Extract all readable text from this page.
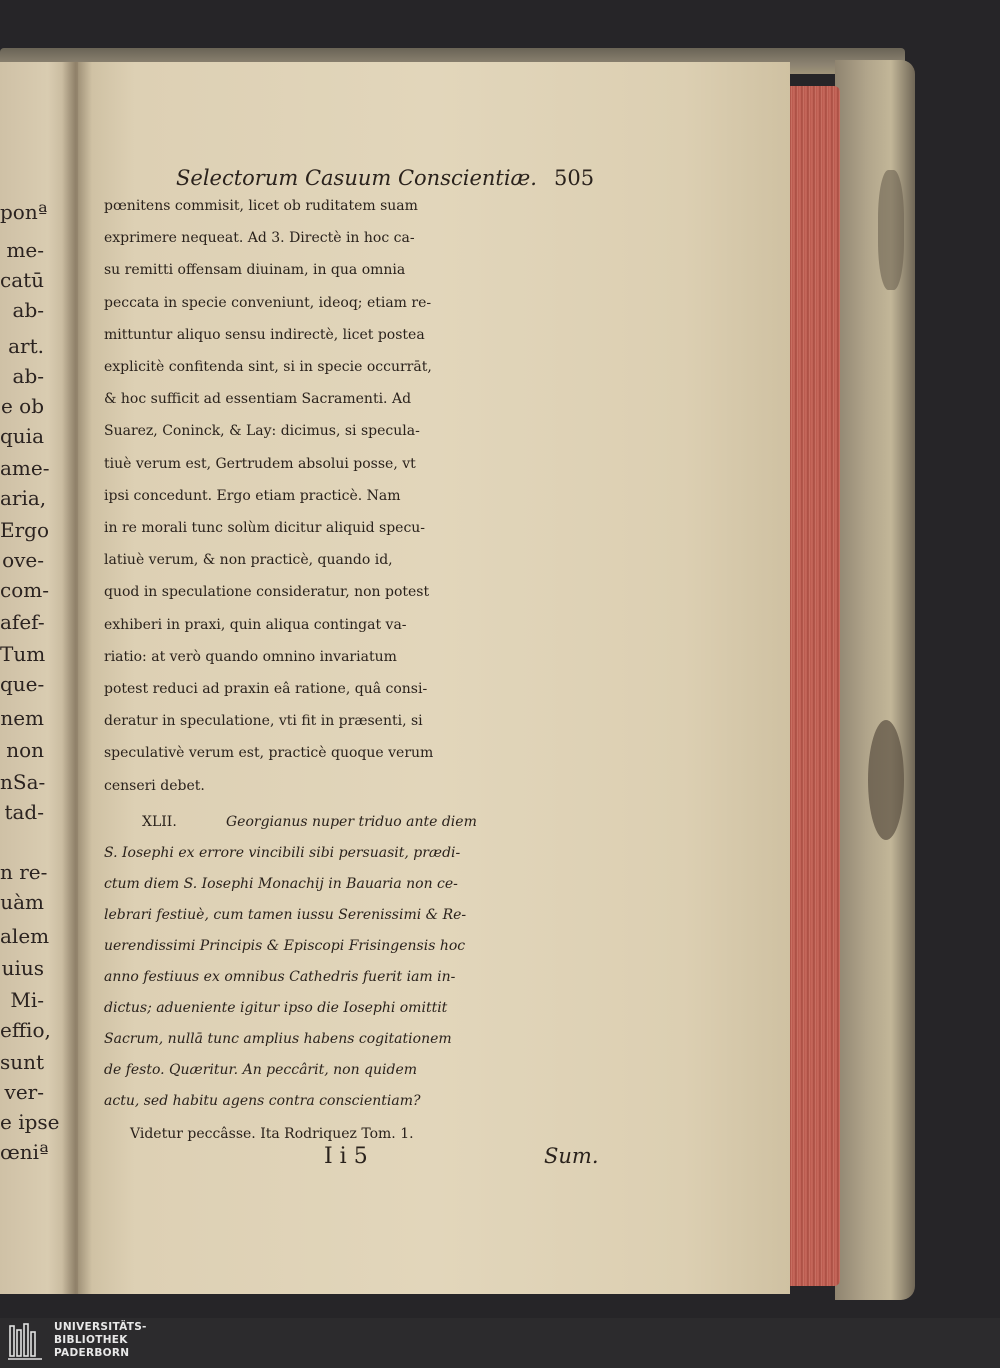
ponª
me-
catū
ab-
art.
ab-
e ob
quia
ame-
aria,
Ergo
ove-
com-
afef-
Tum
que-
nem
non
nSa-
tad-
n re-
uàm
alem
uius
Mi-
effio,
sunt
ver-
e ipse
œniª
Selectorum Casuum Conscientiæ. 505
pœnitens commisit, licet ob ruditatem suam
exprimere nequeat. Ad 3. Directè in hoc ca-
su remitti offensam diuinam, in qua omnia
peccata in specie conveniunt, ideoq; etiam re-
mittuntur aliquo sensu indirectè, licet postea
explicitè confitenda sint, si in specie occurrāt,
& hoc sufficit ad essentiam Sacramenti. Ad
Suarez, Coninck, & Lay: dicimus, si specula-
tiuè verum est, Gertrudem absolui posse, vt
ipsi concedunt. Ergo etiam practicè. Nam
in re morali tunc solùm dicitur aliquid specu-
latiuè verum, & non practicè, quando id,
quod in speculatione consideratur, non potest
exhiberi in praxi, quin aliqua contingat va-
riatio: at verò quando omnino invariatum
potest reduci ad praxin eâ ratione, quâ consi-
deratur in speculatione, vti fit in præsenti, si
speculativè verum est, practicè quoque verum
censeri debet.
XLII.	Georgianus nuper triduo ante diem
S. Iosephi ex errore vincibili sibi persuasit, prædi-
ctum diem S. Iosephi Monachij in Bauaria non ce-
lebrari festiuè, cum tamen iussu Serenissimi & Re-
uerendissimi Principis & Episcopi Frisingensis hoc
anno festiuus ex omnibus Cathedris fuerit iam in-
dictus; adueniente igitur ipso die Iosephi omittit
Sacrum, nullā tunc amplius habens cogitationem
de festo. Quæritur. An peccârit, non quidem
actu, sed habitu agens contra conscientiam?
Videtur peccâsse. Ita Rodriquez Tom. 1.
I i 5	Sum.
UNIVERSITÄTS-
BIBLIOTHEK
PADERBORN
